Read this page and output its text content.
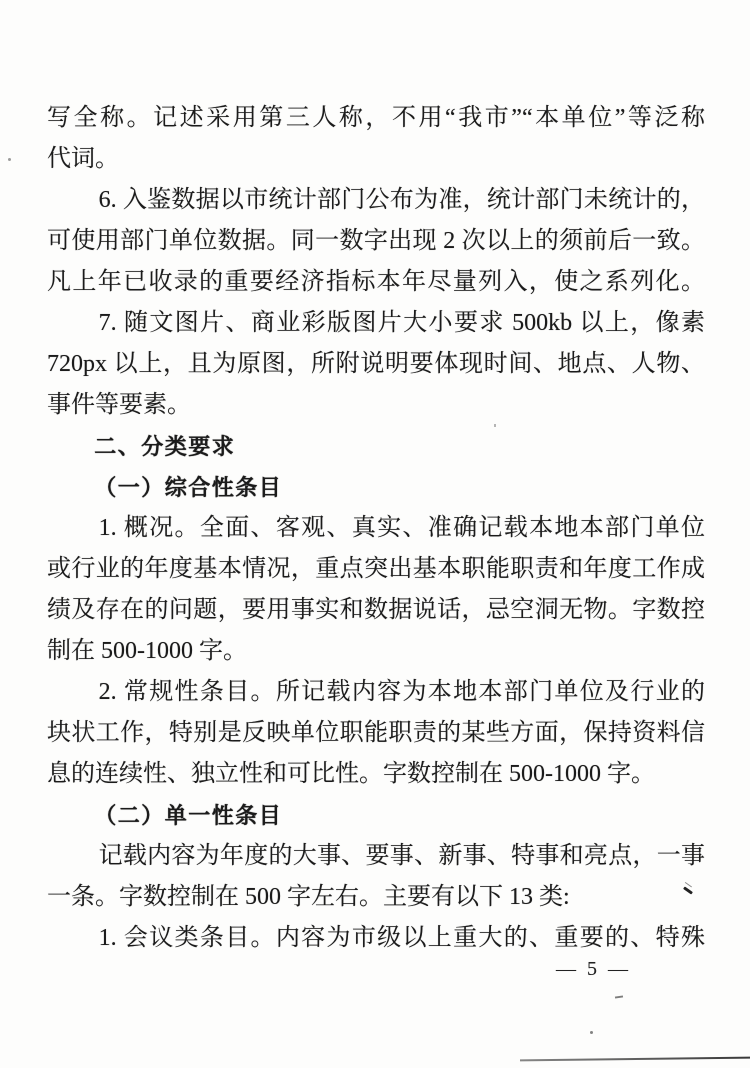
写全称。记述采用第三人称，不用“我市”“本单位”等泛称
代词。
6. 入鉴数据以市统计部门公布为准，统计部门未统计的，
可使用部门单位数据。同一数字出现 2 次以上的须前后一致。
凡上年已收录的重要经济指标本年尽量列入，使之系列化。
7. 随文图片、商业彩版图片大小要求 500kb 以上，像素
720px 以上，且为原图，所附说明要体现时间、地点、人物、
事件等要素。
二、分类要求
（一）综合性条目
1. 概况。全面、客观、真实、准确记载本地本部门单位
或行业的年度基本情况，重点突出基本职能职责和年度工作成
绩及存在的问题，要用事实和数据说话，忌空洞无物。字数控
制在 500-1000 字。
2. 常规性条目。所记载内容为本地本部门单位及行业的
块状工作，特别是反映单位职能职责的某些方面，保持资料信
息的连续性、独立性和可比性。字数控制在 500-1000 字。
（二）单一性条目
记载内容为年度的大事、要事、新事、特事和亮点，一事
一条。字数控制在 500 字左右。主要有以下 13 类:
1. 会议类条目。内容为市级以上重大的、重要的、特殊
— 5 —
